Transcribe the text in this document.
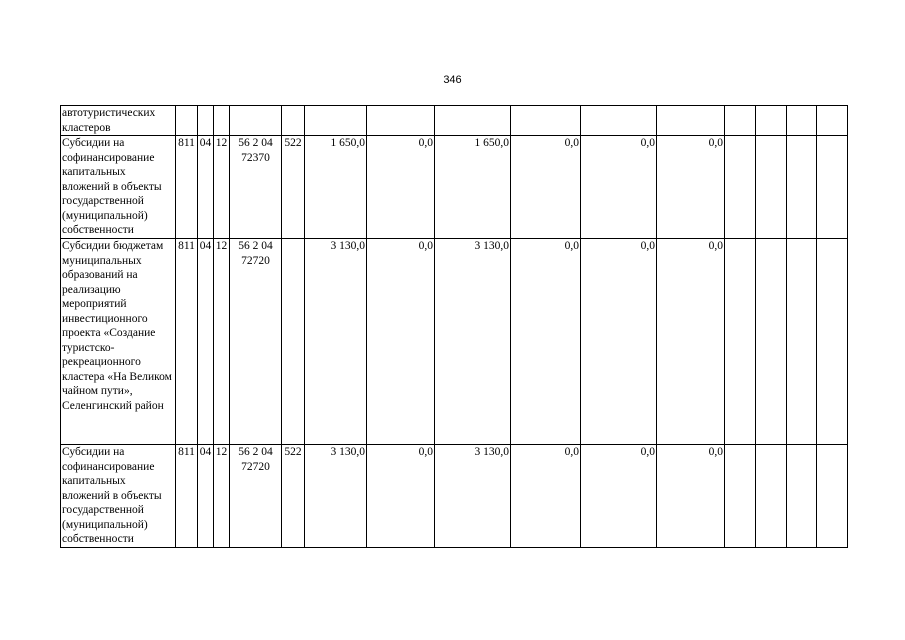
346
автотуристических кластеров															
Субсидии на софинансирование капитальных вложений в объекты государственной (муниципальной) собственности	811	04	12	56 2 04 72370	522	1 650,0	0,0	1 650,0	0,0	0,0	0,0				
Субсидии бюджетам муниципальных образований на реализацию мероприятий инвестиционного проекта «Создание туристско-рекреационного кластера «На Великом чайном пути», Селенгинский район	811	04	12	56 2 04 72720		3 130,0	0,0	3 130,0	0,0	0,0	0,0				
Субсидии на софинансирование капитальных вложений в объекты государственной (муниципальной) собственности	811	04	12	56 2 04 72720	522	3 130,0	0,0	3 130,0	0,0	0,0	0,0				
